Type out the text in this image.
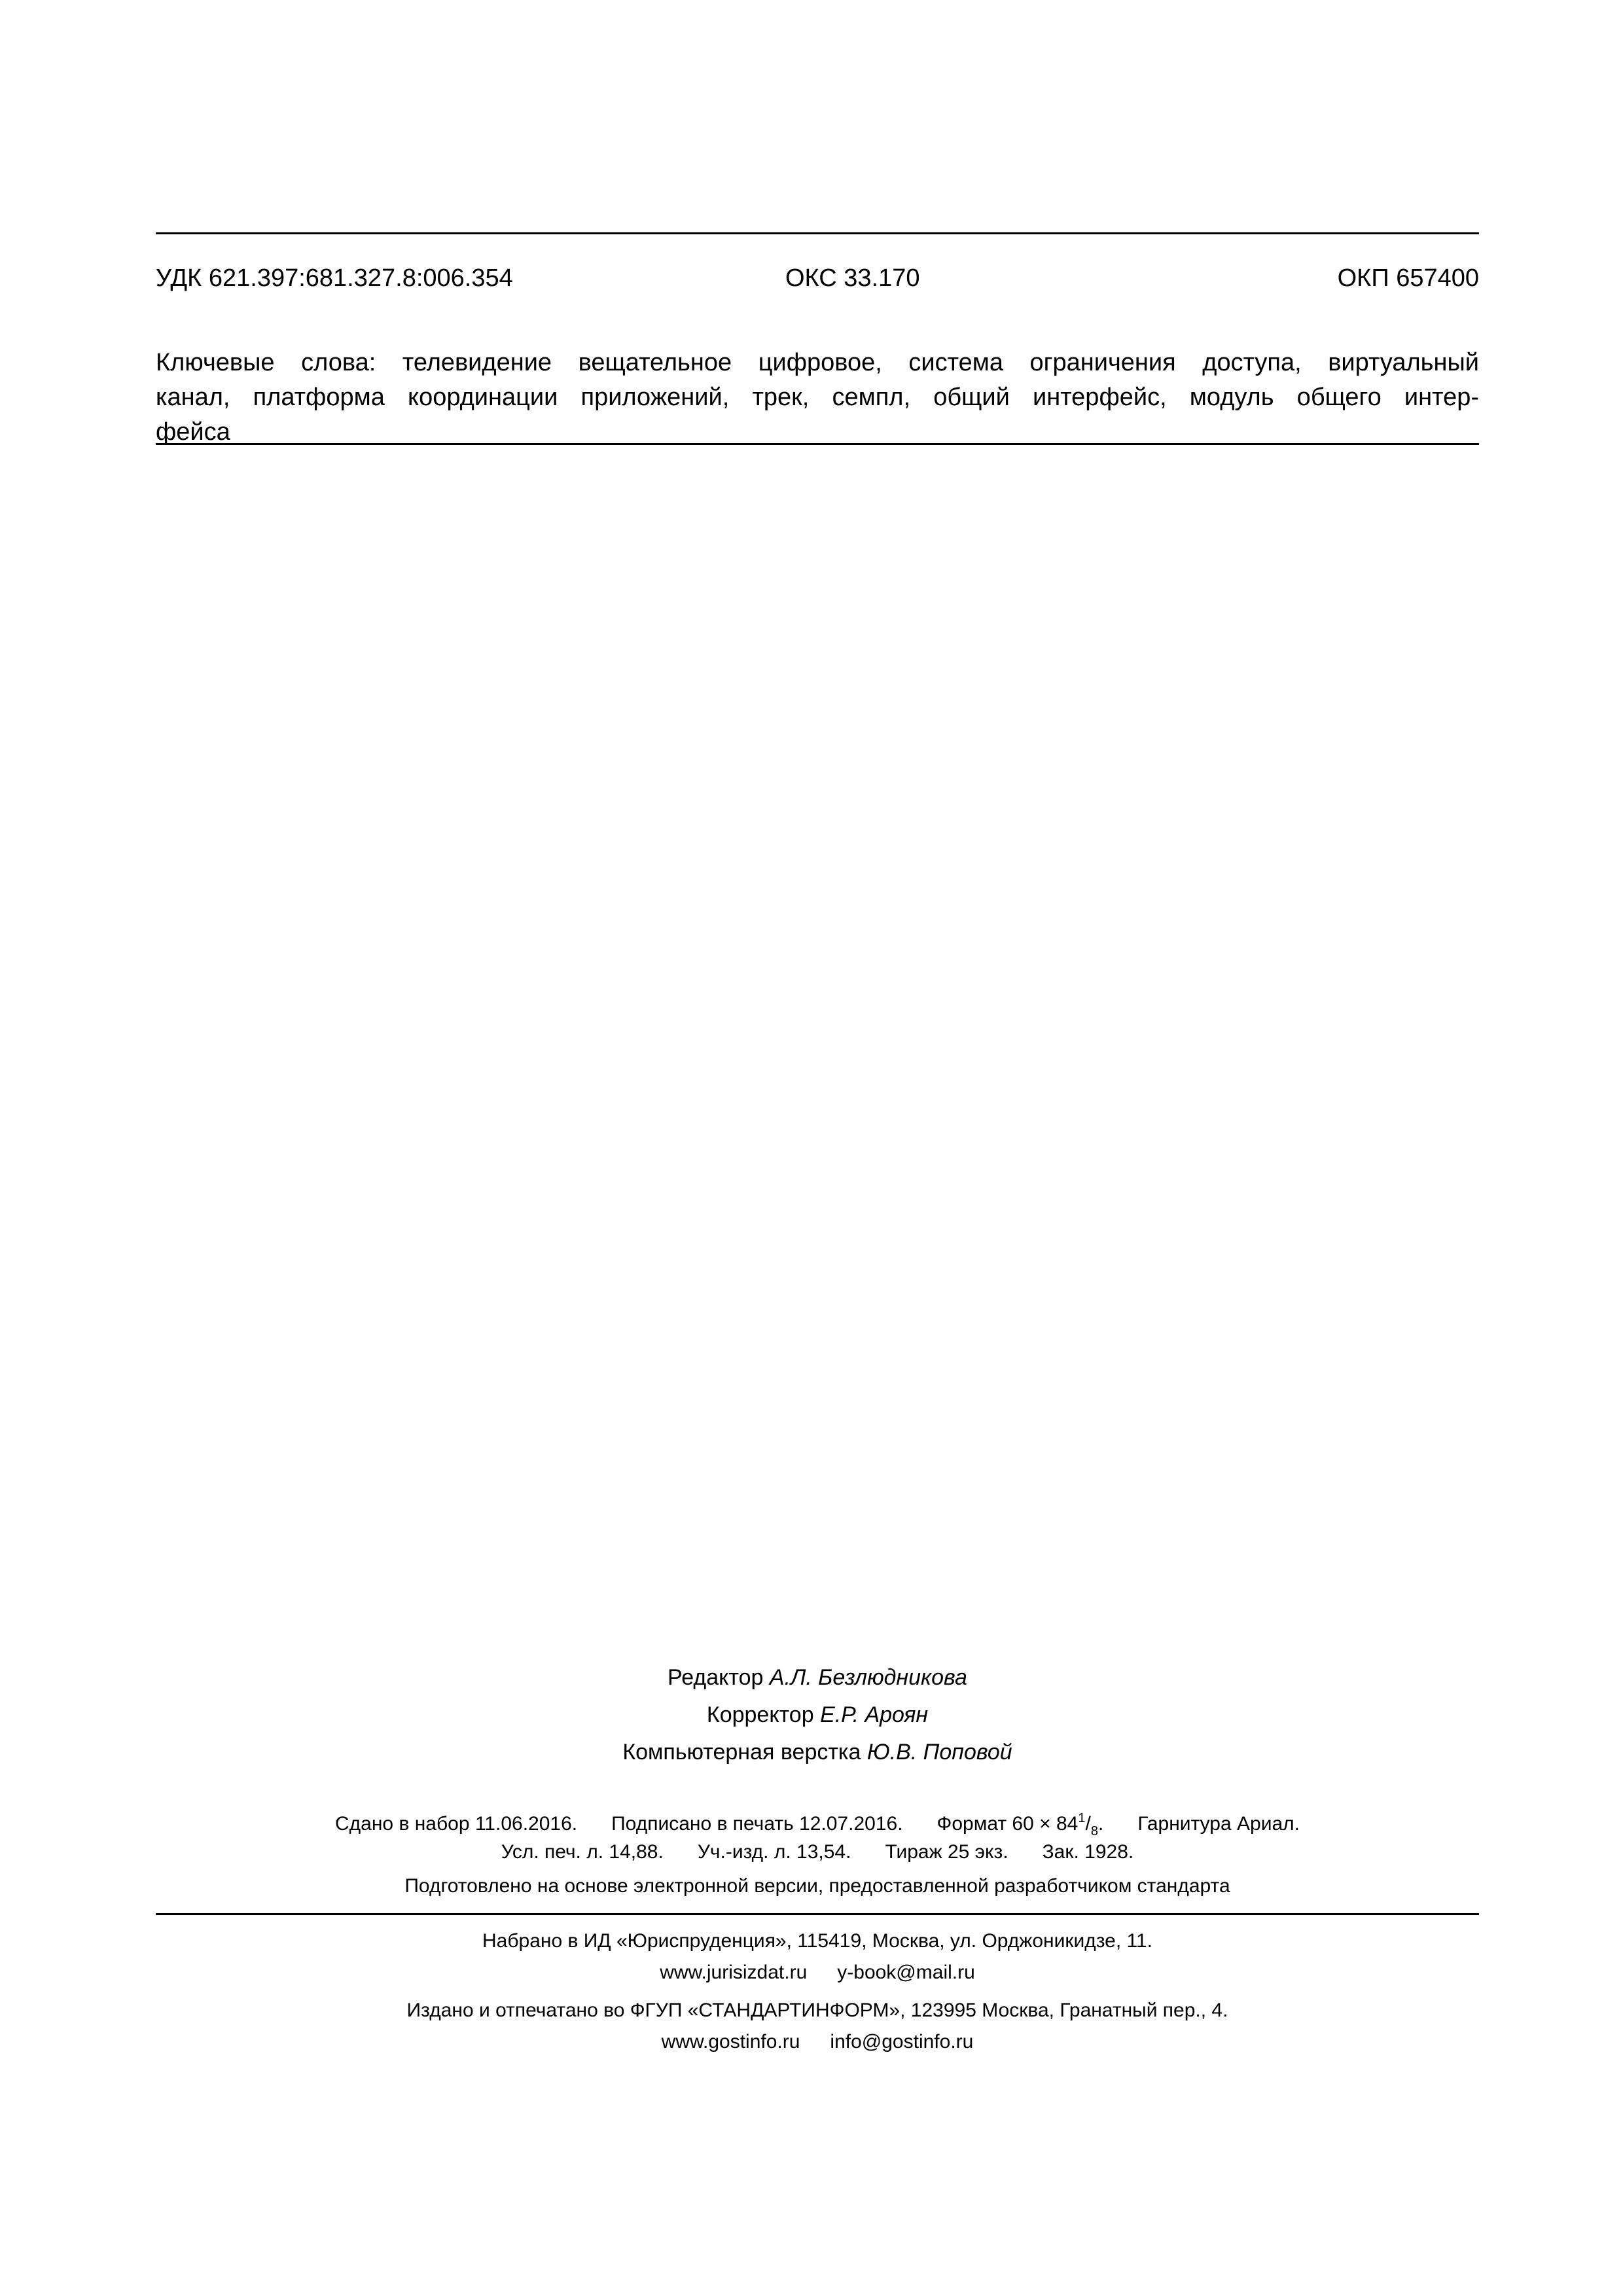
УДК 621.397:681.327.8:006.354	ОКС 33.170	ОКП 657400
Ключевые слова: телевидение вещательное цифровое, система ограничения доступа, виртуальный
канал, платформа координации приложений, трек, семпл, общий интерфейс, модуль общего интер-
фейса
Редактор А.Л. Безлюдникова
Корректор Е.Р. Ароян
Компьютерная верстка Ю.В. Поповой
Сдано в набор 11.06.2016. Подписано в печать 12.07.2016. Формат $60 \times 84^1/_8$. Гарнитура Ариал.
Усл. печ. л. 14,88. Уч.-изд. л. 13,54. Тираж 25 экз. Зак. 1928.
Подготовлено на основе электронной версии, предоставленной разработчиком стандарта
Набрано в ИД «Юриспруденция», 115419, Москва, ул. Орджоникидзе, 11.
www.jurisizdat.ru y-book@mail.ru
Издано и отпечатано во ФГУП «СТАНДАРТИНФОРМ», 123995 Москва, Гранатный пер., 4.
www.gostinfo.ru info@gostinfo.ru
